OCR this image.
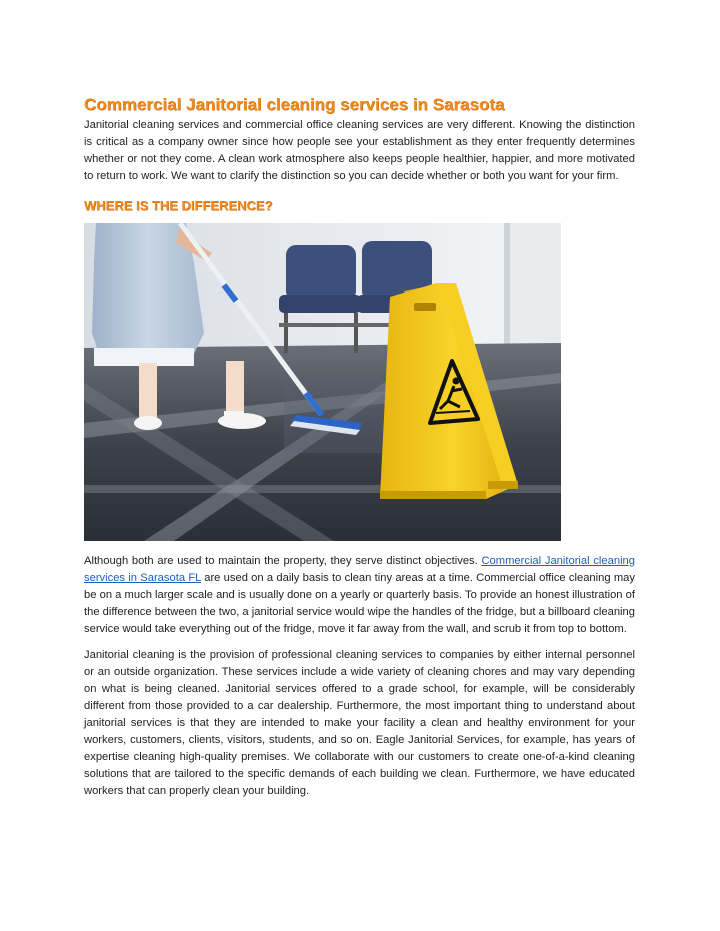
Commercial Janitorial cleaning services in Sarasota

Janitorial cleaning services and commercial office cleaning services are very different. Knowing the distinction is critical as a company owner since how people see your establishment as they enter frequently determines whether or not they come. A clean work atmosphere also keeps people healthier, happier, and more motivated to return to work. We want to clarify the distinction so you can decide whether or both you want for your firm.

WHERE IS THE DIFFERENCE?

Although both are used to maintain the property, they serve distinct objectives. Commercial Janitorial cleaning services in Sarasota FL are used on a daily basis to clean tiny areas at a time. Commercial office cleaning may be on a much larger scale and is usually done on a yearly or quarterly basis. To provide an honest illustration of the difference between the two, a janitorial service would wipe the handles of the fridge, but a billboard cleaning service would take everything out of the fridge, move it far away from the wall, and scrub it from top to bottom.

Janitorial cleaning is the provision of professional cleaning services to companies by either internal personnel or an outside organization. These services include a wide variety of cleaning chores and may vary depending on what is being cleaned. Janitorial services offered to a grade school, for example, will be considerably different from those provided to a car dealership. Furthermore, the most important thing to understand about janitorial services is that they are intended to make your facility a clean and healthy environment for your workers, customers, clients, visitors, students, and so on. Eagle Janitorial Services, for example, has years of expertise cleaning high-quality premises. We collaborate with our customers to create one-of-a-kind cleaning solutions that are tailored to the specific demands of each building we clean. Furthermore, we have educated workers that can properly clean your building.
